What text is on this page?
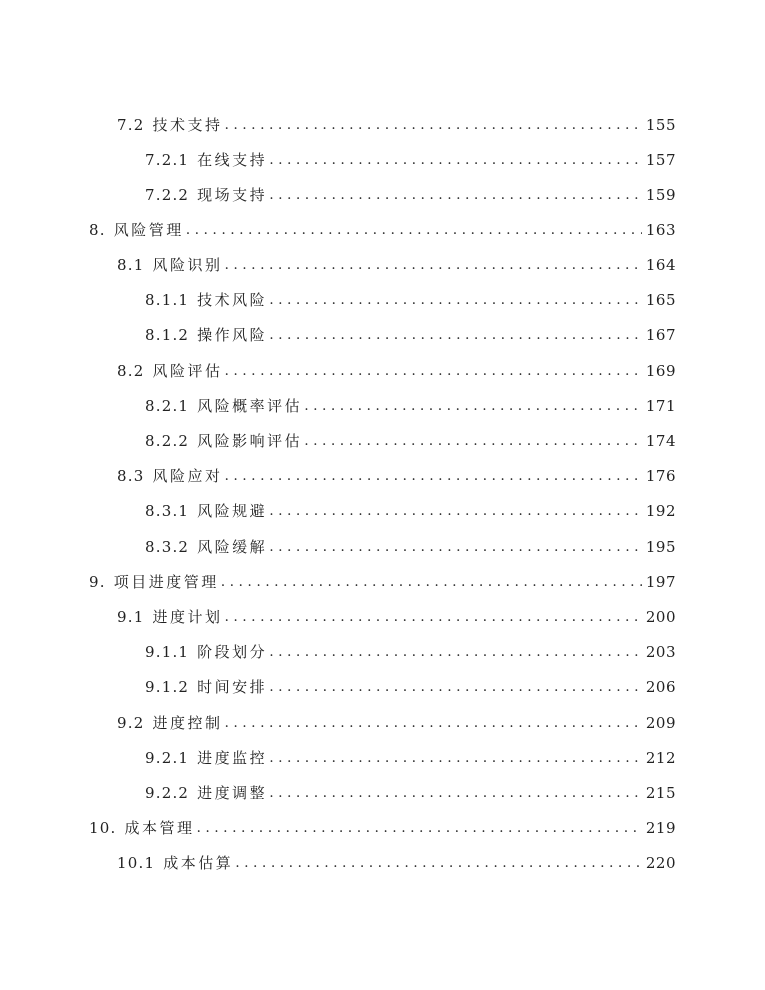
7.2 技术支持 . . .	155
7.2.1 在线支持 . . .	157
7.2.2 现场支持 . . .	159
8. 风险管理 . . .	163
8.1 风险识别 . . .	164
8.1.1 技术风险 . . .	165
8.1.2 操作风险 . . .	167
8.2 风险评估 . . .	169
8.2.1 风险概率评估 . . .	171
8.2.2 风险影响评估 . . .	174
8.3 风险应对 . . .	176
8.3.1 风险规避 . . .	192
8.3.2 风险缓解 . . .	195
9. 项目进度管理 . . .	197
9.1 进度计划 . . .	200
9.1.1 阶段划分 . . .	203
9.1.2 时间安排 . . .	206
9.2 进度控制 . . .	209
9.2.1 进度监控 . . .	212
9.2.2 进度调整 . . .	215
10. 成本管理 . . .	219
10.1 成本估算 . . .	220
